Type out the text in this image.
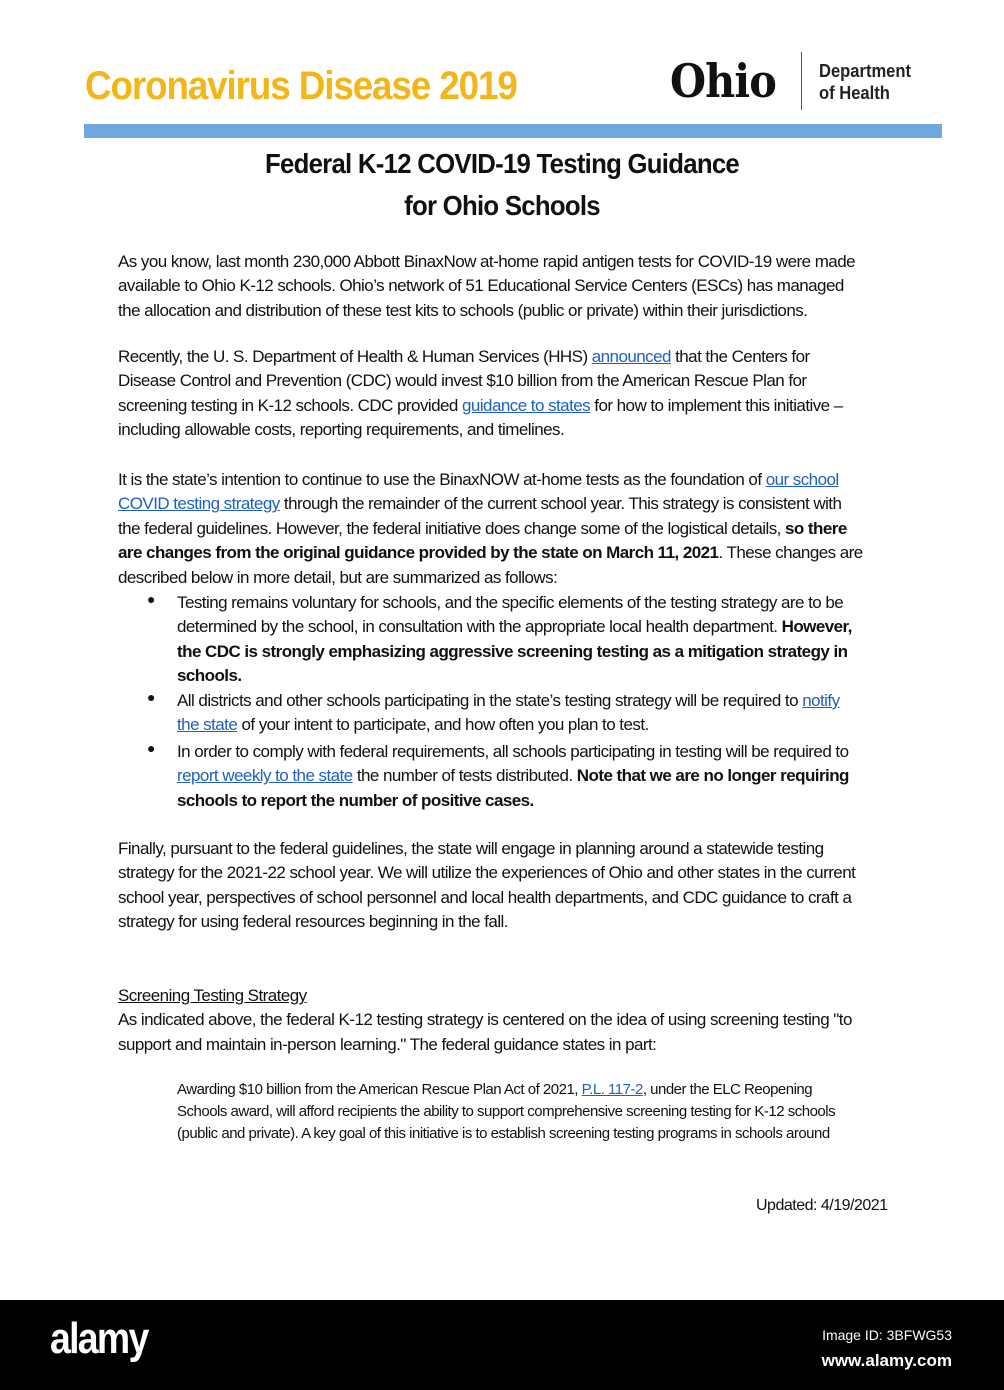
Coronavirus Disease 2019	Ohio Department
of Health
Federal K-12 COVID-19 Testing Guidance
for Ohio Schools
As you know, last month 230,000 Abbott BinaxNow at-home rapid antigen tests for COVID-19 were made
available to Ohio K-12 schools. Ohio’s network of 51 Educational Service Centers (ESCs) has managed
the allocation and distribution of these test kits to schools (public or private) within their jurisdictions.
Recently, the U. S. Department of Health & Human Services (HHS) announced that the Centers for
Disease Control and Prevention (CDC) would invest $10 billion from the American Rescue Plan for
screening testing in K-12 schools. CDC provided guidance to states for how to implement this initiative –
including allowable costs, reporting requirements, and timelines.
It is the state’s intention to continue to use the BinaxNOW at-home tests as the foundation of our school
COVID testing strategy through the remainder of the current school year. This strategy is consistent with
the federal guidelines. However, the federal initiative does change some of the logistical details, so there
are changes from the original guidance provided by the state on March 11, 2021. These changes are
described below in more detail, but are summarized as follows:
● Testing remains voluntary for schools, and the specific elements of the testing strategy are to be
determined by the school, in consultation with the appropriate local health department. However,
the CDC is strongly emphasizing aggressive screening testing as a mitigation strategy in
schools.
● All districts and other schools participating in the state’s testing strategy will be required to notify
the state of your intent to participate, and how often you plan to test.
● In order to comply with federal requirements, all schools participating in testing will be required to
report weekly to the state the number of tests distributed. Note that we are no longer requiring
schools to report the number of positive cases.
Finally, pursuant to the federal guidelines, the state will engage in planning around a statewide testing
strategy for the 2021-22 school year. We will utilize the experiences of Ohio and other states in the current
school year, perspectives of school personnel and local health departments, and CDC guidance to craft a
strategy for using federal resources beginning in the fall.
Screening Testing Strategy
As indicated above, the federal K-12 testing strategy is centered on the idea of using screening testing "to
support and maintain in-person learning." The federal guidance states in part:
Awarding $10 billion from the American Rescue Plan Act of 2021, P.L. 117-2, under the ELC Reopening
Schools award, will afford recipients the ability to support comprehensive screening testing for K-12 schools
(public and private). A key goal of this initiative is to establish screening testing programs in schools around
Updated: 4/19/2021
alamy	Image ID: 3BFWG53
www.alamy.com
